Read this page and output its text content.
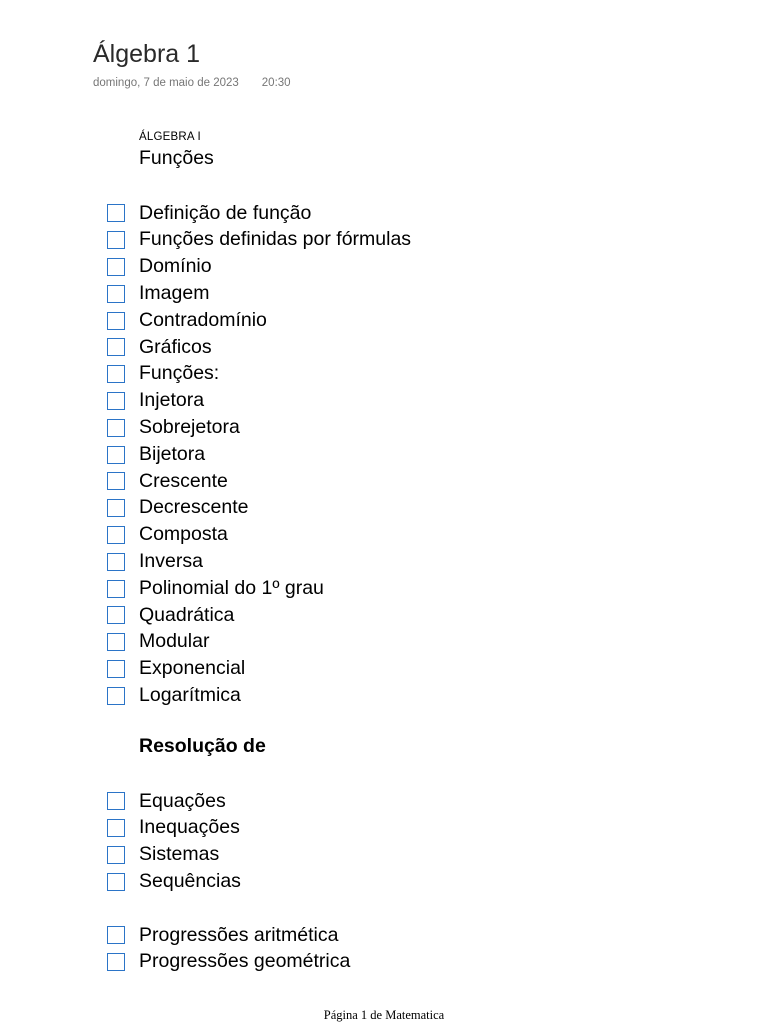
Álgebra 1
domingo, 7 de maio de 2023 20:30
ÁLGEBRA I
Funções
Definição de função
Funções definidas por fórmulas
Domínio
Imagem
Contradomínio
Gráficos
Funções:
Injetora
Sobrejetora
Bijetora
Crescente
Decrescente
Composta
Inversa
Polinomial do 1º grau
Quadrática
Modular
Exponencial
Logarítmica
Resolução de
Equações
Inequações
Sistemas
Sequências
Progressões aritmética
Progressões geométrica
Página 1 de Matematica
